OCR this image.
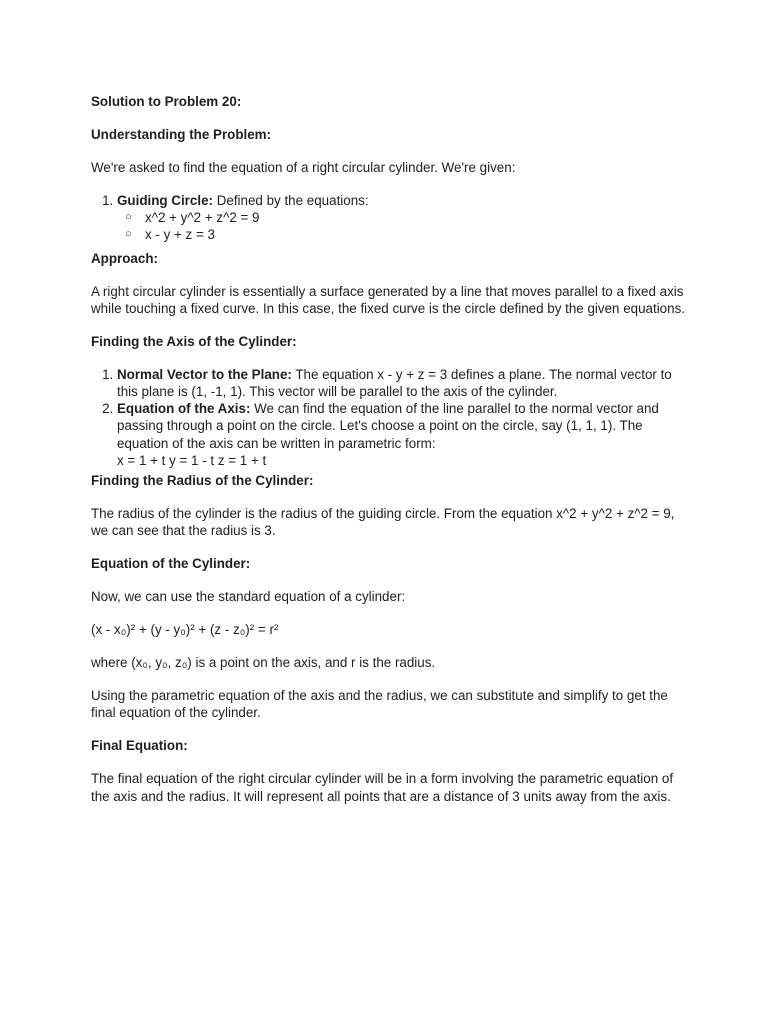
Solution to Problem 20:

Understanding the Problem:

We're asked to find the equation of a right circular cylinder. We're given:

1. Guiding Circle: Defined by the equations:
○ x^2 + y^2 + z^2 = 9
○ x - y + z = 3

Approach:

A right circular cylinder is essentially a surface generated by a line that moves parallel to a fixed axis while touching a fixed curve. In this case, the fixed curve is the circle defined by the given equations.

Finding the Axis of the Cylinder:

1. Normal Vector to the Plane: The equation x - y + z = 3 defines a plane. The normal vector to this plane is (1, -1, 1). This vector will be parallel to the axis of the cylinder.
2. Equation of the Axis: We can find the equation of the line parallel to the normal vector and passing through a point on the circle. Let's choose a point on the circle, say (1, 1, 1). The equation of the axis can be written in parametric form:
x = 1 + t y = 1 - t z = 1 + t

Finding the Radius of the Cylinder:

The radius of the cylinder is the radius of the guiding circle. From the equation x^2 + y^2 + z^2 = 9, we can see that the radius is 3.

Equation of the Cylinder:

Now, we can use the standard equation of a cylinder:

(x - x₀)² + (y - y₀)² + (z - z₀)² = r²

where (x₀, y₀, z₀) is a point on the axis, and r is the radius.

Using the parametric equation of the axis and the radius, we can substitute and simplify to get the final equation of the cylinder.

Final Equation:

The final equation of the right circular cylinder will be in a form involving the parametric equation of the axis and the radius. It will represent all points that are a distance of 3 units away from the axis.
